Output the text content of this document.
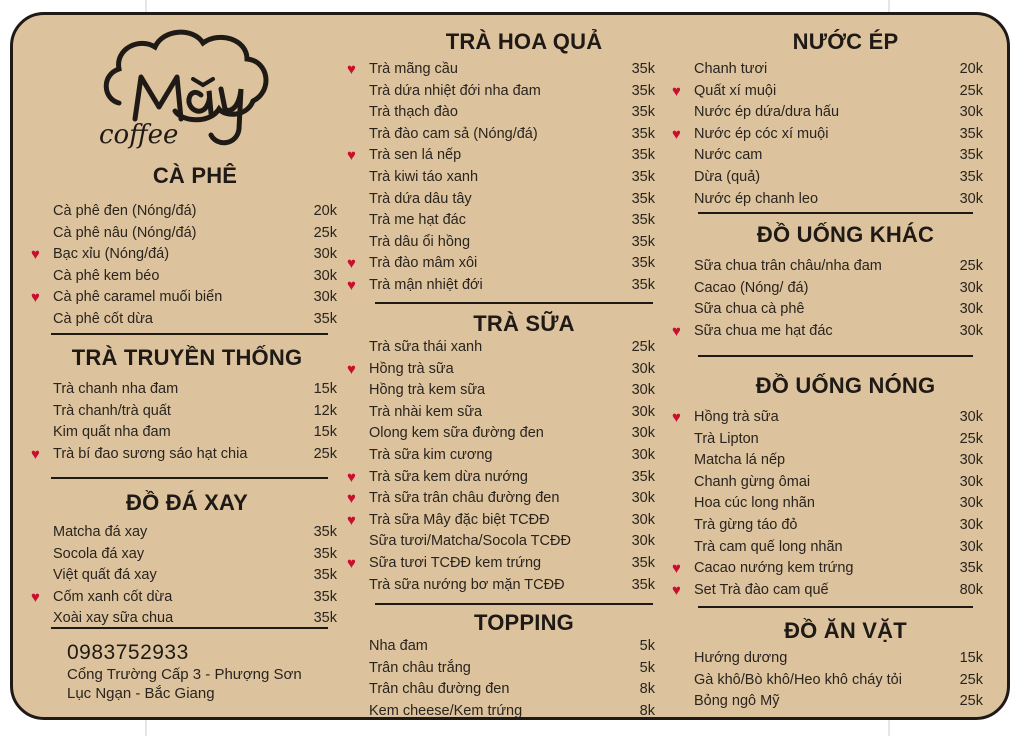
coffee
CÀ PHÊ
Cà phê đen (Nóng/đá)	20k
Cà phê nâu (Nóng/đá)	25k
♥ Bạc xỉu (Nóng/đá)	30k
Cà phê kem béo	30k
♥ Cà phê caramel muối biển	30k
Cà phê cốt dừa	35k
TRÀ TRUYỀN THỐNG
Trà chanh nha đam	15k
Trà chanh/trà quất	12k
Kim quất nha đam	15k
♥ Trà bí đao sương sáo hạt chia	25k
ĐỒ ĐÁ XAY
Matcha đá xay	35k
Socola đá xay	35k
Việt quất đá xay	35k
♥ Cốm xanh cốt dừa	35k
Xoài xay sữa chua	35k
0983752933
Cổng Trường Cấp 3 - Phượng Sơn
Lục Ngạn - Bắc Giang
TRÀ HOA QUẢ
♥ Trà mãng cầu	35k
Trà dứa nhiệt đới nha đam	35k
Trà thạch đào	35k
Trà đào cam sả (Nóng/đá)	35k
♥ Trà sen lá nếp	35k
Trà kiwi táo xanh	35k
Trà dứa dâu tây	35k
Trà me hạt đác	35k
Trà dâu ổi hồng	35k
♥ Trà đào mâm xôi	35k
♥ Trà mận nhiệt đới	35k
TRÀ SỮA
Trà sữa thái xanh	25k
♥ Hồng trà sữa	30k
Hồng trà kem sữa	30k
Trà nhài kem sữa	30k
Olong kem sữa đường đen	30k
Trà sữa kim cương	30k
♥ Trà sữa kem dừa nướng	35k
♥ Trà sữa trân châu đường đen	30k
♥ Trà sữa Mây đặc biệt TCĐĐ	30k
Sữa tươi/Matcha/Socola TCĐĐ	30k
♥ Sữa tươi TCĐĐ kem trứng	35k
Trà sữa nướng bơ mặn TCĐĐ	35k
TOPPING
Nha đam	5k
Trân châu trắng	5k
Trân châu đường đen	8k
Kem cheese/Kem trứng	8k
NƯỚC ÉP
Chanh tươi	20k
♥ Quất xí muội	25k
Nước ép dứa/dưa hấu	30k
♥ Nước ép cóc xí muội	35k
Nước cam	35k
Dừa (quả)	35k
Nước ép chanh leo	30k
ĐỒ UỐNG KHÁC
Sữa chua trân châu/nha đam	25k
Cacao (Nóng/ đá)	30k
Sữa chua cà phê	30k
♥ Sữa chua me hạt đác	30k
ĐỒ UỐNG NÓNG
♥ Hồng trà sữa	30k
Trà Lipton	25k
Matcha lá nếp	30k
Chanh gừng ômai	30k
Hoa cúc long nhãn	30k
Trà gừng táo đỏ	30k
Trà cam quế long nhãn	30k
♥ Cacao nướng kem trứng	35k
♥ Set Trà đào cam quế	80k
ĐỒ ĂN VẶT
Hướng dương	15k
Gà khô/Bò khô/Heo khô cháy tỏi	25k
Bỏng ngô Mỹ	25k
